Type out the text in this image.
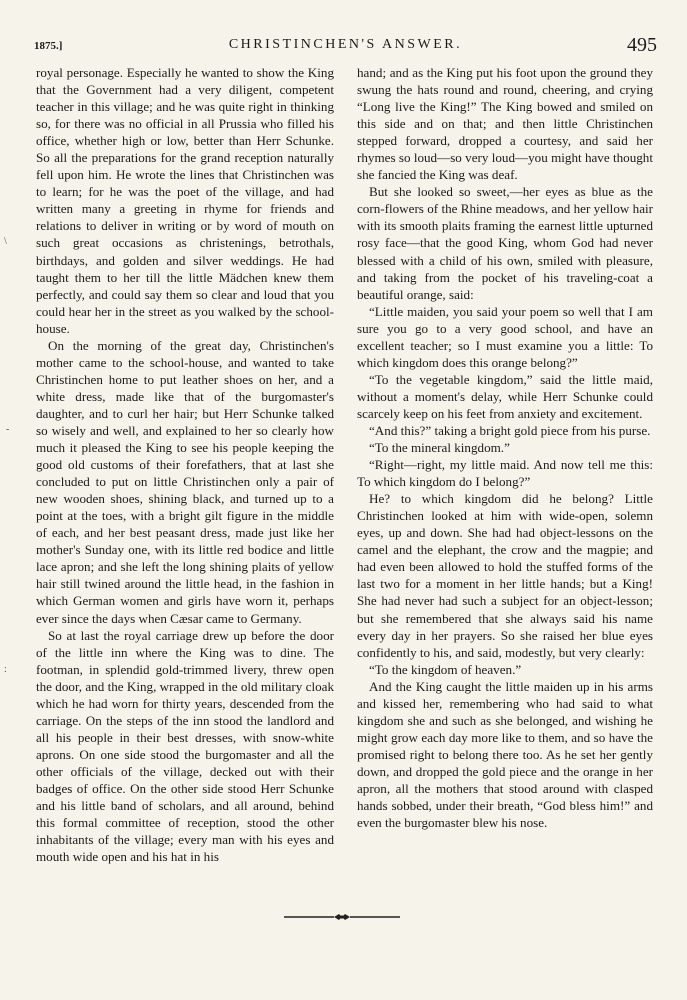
1875.]	CHRISTINCHEN'S ANSWER.	495

royal personage. Especially he wanted to show the King that the Government had a very diligent, competent teacher in this village; and he was quite right in thinking so, for there was no official in all Prussia who filled his office, whether high or low, better than Herr Schunke. So all the preparations for the grand reception naturally fell upon him. He wrote the lines that Christinchen was to learn; for he was the poet of the village, and had written many a greeting in rhyme for friends and relations to deliver in writing or by word of mouth on such great occasions as christenings, betrothals, birthdays, and golden and silver weddings. He had taught them to her till the little Mädchen knew them perfectly, and could say them so clear and loud that you could hear her in the street as you walked by the school-house.

On the morning of the great day, Christinchen's mother came to the school-house, and wanted to take Christinchen home to put leather shoes on her, and a white dress, made like that of the burgomaster's daughter, and to curl her hair; but Herr Schunke talked so wisely and well, and explained to her so clearly how much it pleased the King to see his people keeping the good old customs of their forefathers, that at last she concluded to put on little Christinchen only a pair of new wooden shoes, shining black, and turned up to a point at the toes, with a bright gilt figure in the middle of each, and her best peasant dress, made just like her mother's Sunday one, with its little red bodice and little lace apron; and she left the long shining plaits of yellow hair still twined around the little head, in the fashion in which German women and girls have worn it, perhaps ever since the days when Cæsar came to Germany.

So at last the royal carriage drew up before the door of the little inn where the King was to dine. The footman, in splendid gold-trimmed livery, threw open the door, and the King, wrapped in the old military cloak which he had worn for thirty years, descended from the carriage. On the steps of the inn stood the landlord and all his people in their best dresses, with snow-white aprons. On one side stood the burgomaster and all the other officials of the village, decked out with their badges of office. On the other side stood Herr Schunke and his little band of scholars, and all around, behind this formal committee of reception, stood the other inhabitants of the village; every man with his eyes and mouth wide open and his hat in his

hand; and as the King put his foot upon the ground they swung the hats round and round, cheering, and crying “Long live the King!” The King bowed and smiled on this side and on that; and then little Christinchen stepped forward, dropped a courtesy, and said her rhymes so loud—so very loud—you might have thought she fancied the King was deaf.

But she looked so sweet,—her eyes as blue as the corn-flowers of the Rhine meadows, and her yellow hair with its smooth plaits framing the earnest little upturned rosy face—that the good King, whom God had never blessed with a child of his own, smiled with pleasure, and taking from the pocket of his traveling-coat a beautiful orange, said:

“Little maiden, you said your poem so well that I am sure you go to a very good school, and have an excellent teacher; so I must examine you a little: To which kingdom does this orange belong?”

“To the vegetable kingdom,” said the little maid, without a moment's delay, while Herr Schunke could scarcely keep on his feet from anxiety and excitement.

“And this?” taking a bright gold piece from his purse.

“To the mineral kingdom.”

“Right—right, my little maid. And now tell me this: To which kingdom do I belong?”

He? to which kingdom did he belong? Little Christinchen looked at him with wide-open, solemn eyes, up and down. She had had object-lessons on the camel and the elephant, the crow and the magpie; and had even been allowed to hold the stuffed forms of the last two for a moment in her little hands; but a King! She had never had such a subject for an object-lesson; but she remembered that she always said his name every day in her prayers. So she raised her blue eyes confidently to his, and said, modestly, but very clearly:

“To the kingdom of heaven.”

And the King caught the little maiden up in his arms and kissed her, remembering who had said to what kingdom she and such as she belonged, and wishing he might grow each day more like to them, and so have the promised right to belong there too. As he set her gently down, and dropped the gold piece and the orange in her apron, all the mothers that stood around with clasped hands sobbed, under their breath, “God bless him!” and even the burgomaster blew his nose.

\
-
:
